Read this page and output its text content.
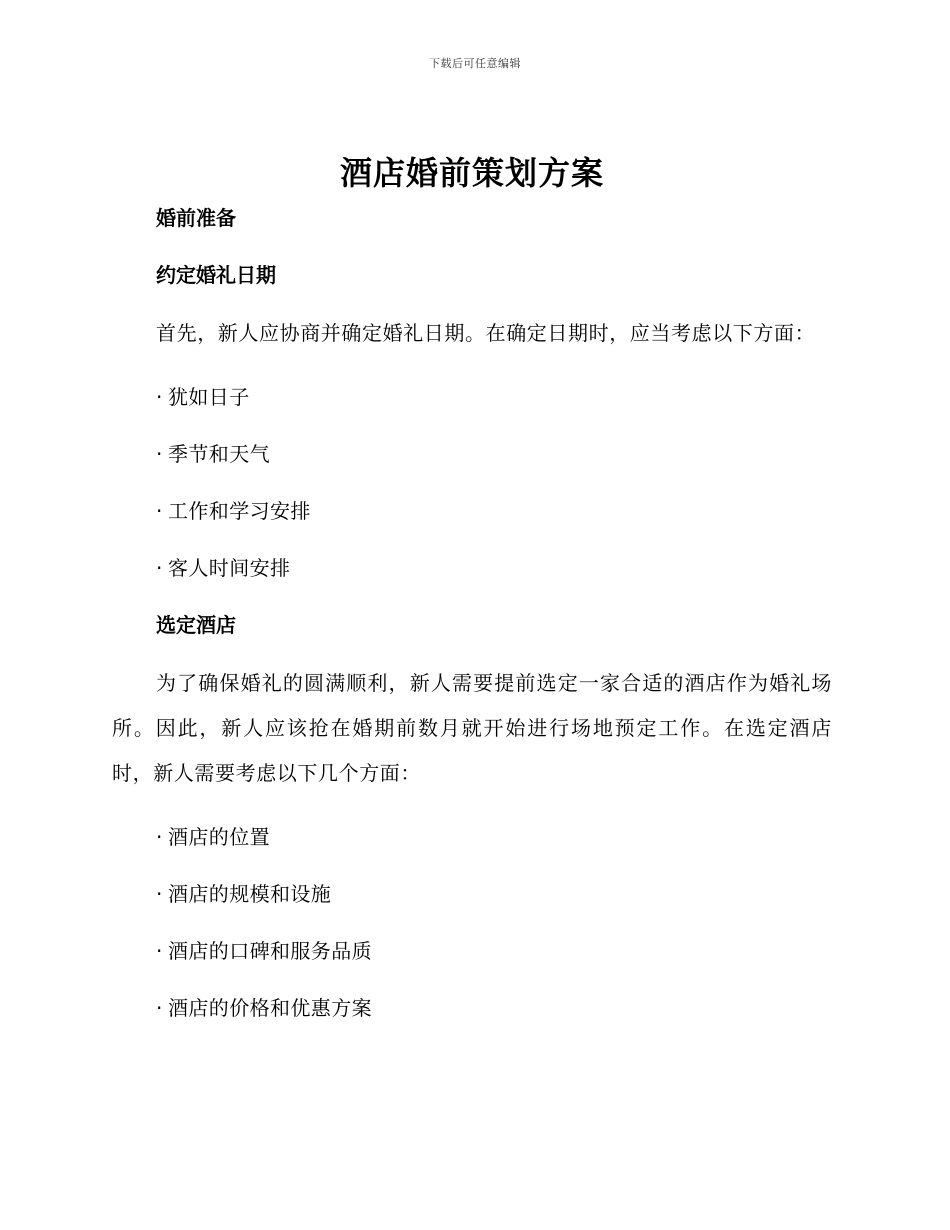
下载后可任意编辑
酒店婚前策划方案
婚前准备
约定婚礼日期

首先，新人应协商并确定婚礼日期。在确定日期时，应当考虑以下方面：

· 犹如日子
· 季节和天气
· 工作和学习安排
· 客人时间安排
选定酒店

为了确保婚礼的圆满顺利，新人需要提前选定一家合适的酒店作为婚礼场所。因此，新人应该抢在婚期前数月就开始进行场地预定工作。在选定酒店时，新人需要考虑以下几个方面：

· 酒店的位置
· 酒店的规模和设施
· 酒店的口碑和服务品质
· 酒店的价格和优惠方案
